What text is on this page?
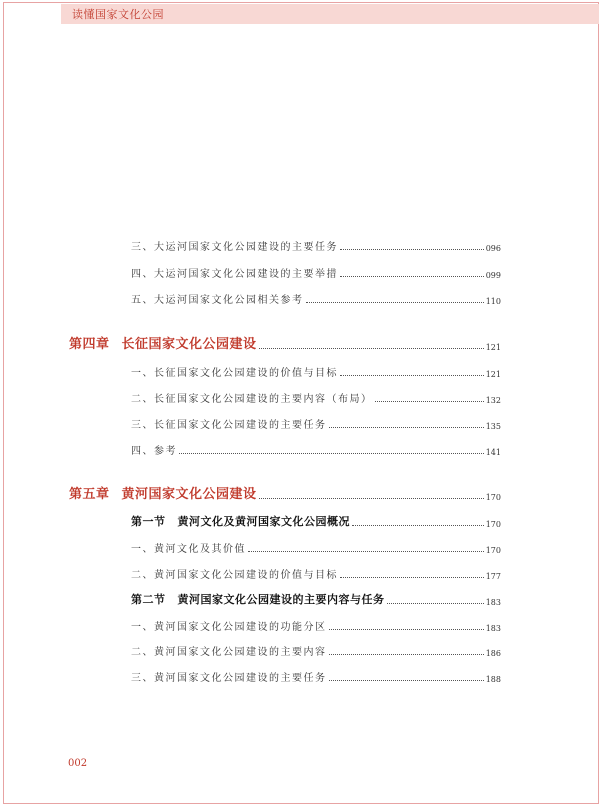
读懂国家文化公园
三、大运河国家文化公园建设的主要任务	096
四、大运河国家文化公园建设的主要举措	099
五、大运河国家文化公园相关参考	110
第四章 长征国家文化公园建设	121
一、长征国家文化公园建设的价值与目标	121
二、长征国家文化公园建设的主要内容（布局）	132
三、长征国家文化公园建设的主要任务	135
四、参考	141
第五章 黄河国家文化公园建设	170
第一节 黄河文化及黄河国家文化公园概况	170
一、黄河文化及其价值	170
二、黄河国家文化公园建设的价值与目标	177
第二节 黄河国家文化公园建设的主要内容与任务	183
一、黄河国家文化公园建设的功能分区	183
二、黄河国家文化公园建设的主要内容	186
三、黄河国家文化公园建设的主要任务	188
002
